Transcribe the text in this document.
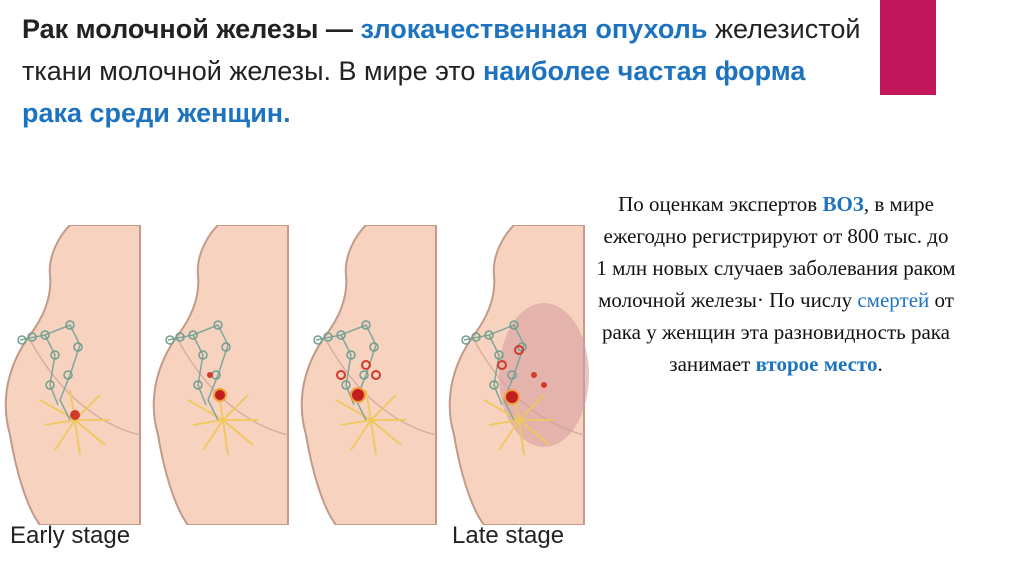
Рак молочной железы — злокачественная опухоль железистой ткани молочной железы. В мире это наиболее частая форма рака среди женщин.
По оценкам экспертов ВОЗ, в мире ежегодно регистрируют от 800 тыс. до 1 млн новых случаев заболевания раком молочной железы· По числу смертей от рака у женщин эта разновидность рака занимает второе место.
Early stage	Late stage
